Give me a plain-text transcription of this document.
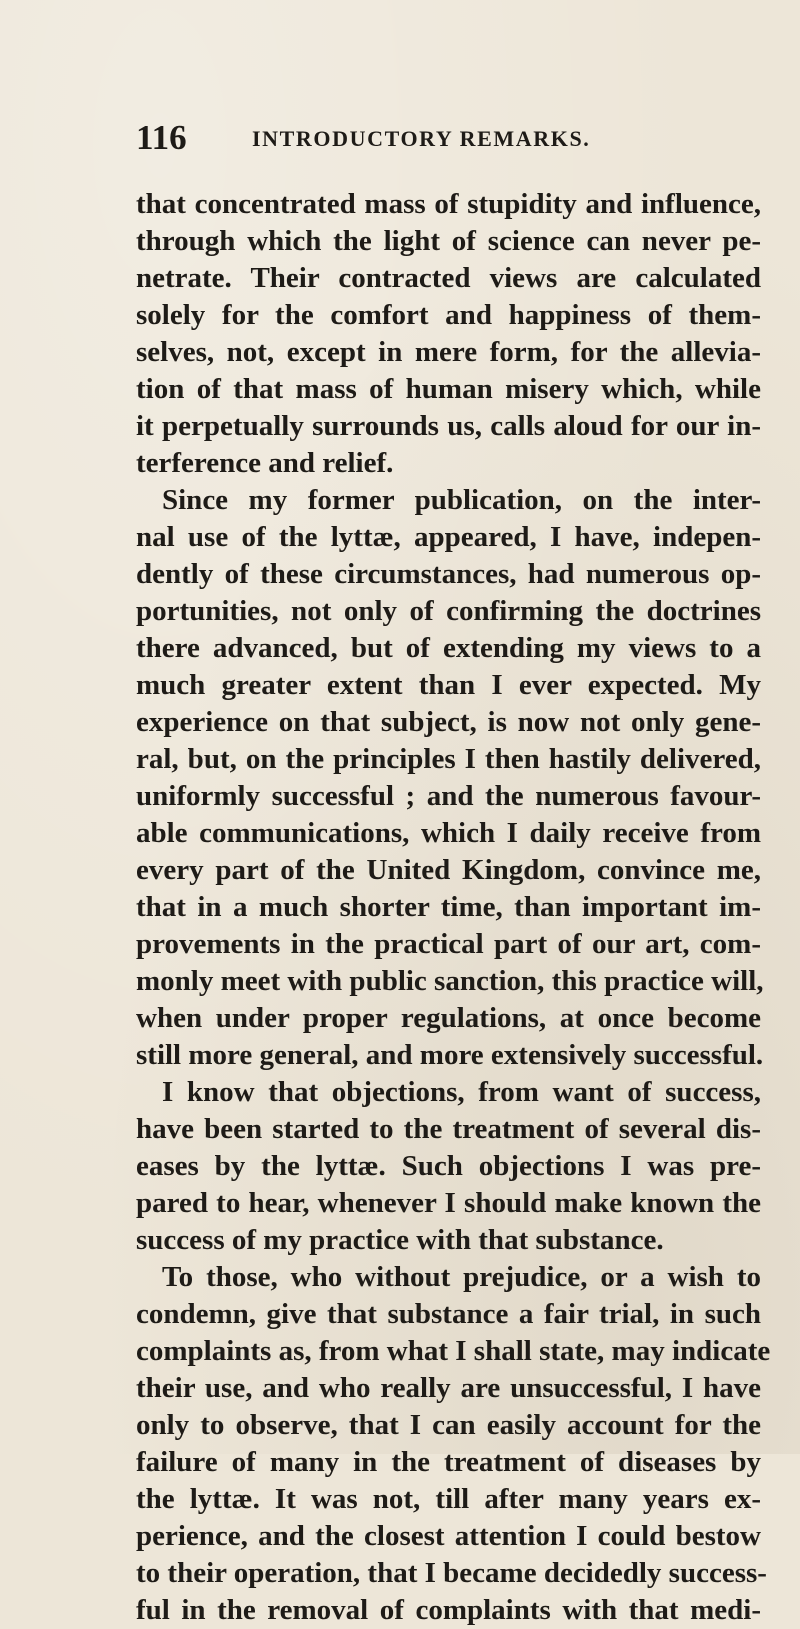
116	INTRODUCTORY REMARKS.
that concentrated mass of stupidity and influence,
through which the light of science can never pe-
netrate. Their contracted views are calculated
solely for the comfort and happiness of them-
selves, not, except in mere form, for the allevia-
tion of that mass of human misery which, while
it perpetually surrounds us, calls aloud for our in-
terference and relief.
Since my former publication, on the inter-
nal use of the lyttæ, appeared, I have, indepen-
dently of these circumstances, had numerous op-
portunities, not only of confirming the doctrines
there advanced, but of extending my views to a
much greater extent than I ever expected. My
experience on that subject, is now not only gene-
ral, but, on the principles I then hastily delivered,
uniformly successful ; and the numerous favour-
able communications, which I daily receive from
every part of the United Kingdom, convince me,
that in a much shorter time, than important im-
provements in the practical part of our art, com-
monly meet with public sanction, this practice will,
when under proper regulations, at once become
still more general, and more extensively successful.
I know that objections, from want of success,
have been started to the treatment of several dis-
eases by the lyttæ. Such objections I was pre-
pared to hear, whenever I should make known the
success of my practice with that substance.
To those, who without prejudice, or a wish to
condemn, give that substance a fair trial, in such
complaints as, from what I shall state, may indicate
their use, and who really are unsuccessful, I have
only to observe, that I can easily account for the
failure of many in the treatment of diseases by
the lyttæ. It was not, till after many years ex-
perience, and the closest attention I could bestow
to their operation, that I became decidedly success-
ful in the removal of complaints with that medi-
